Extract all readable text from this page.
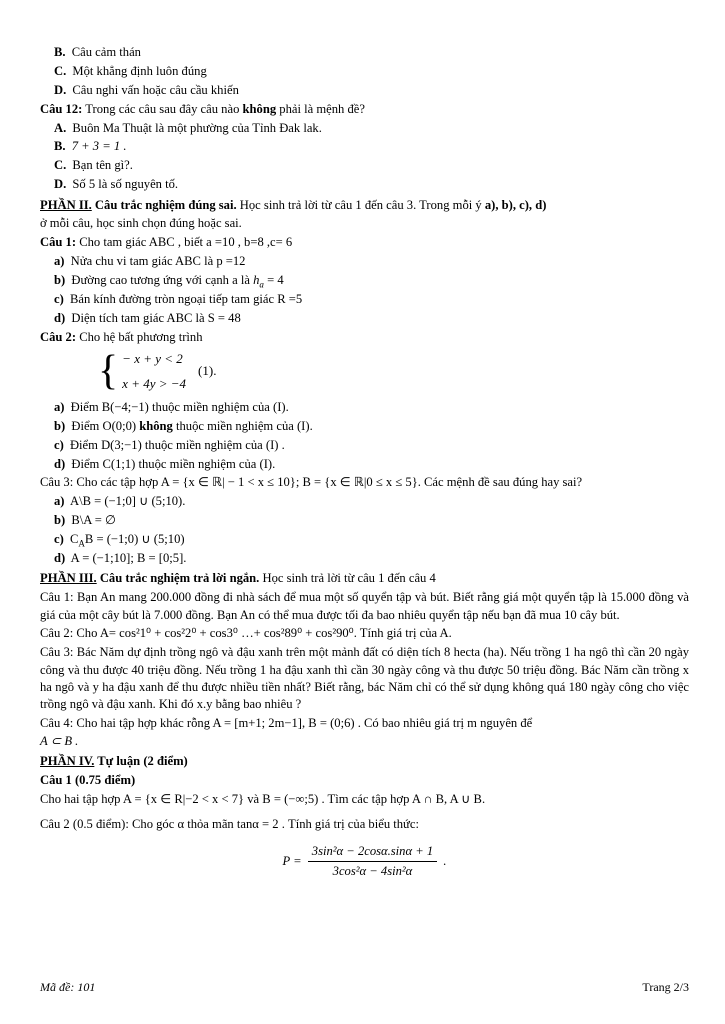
B. Câu cảm thán
C. Một khẳng định luôn đúng
D. Câu nghi vấn hoặc câu cầu khiến
Câu 12: Trong các câu sau đây câu nào không phải là mệnh đề?
A. Buôn Ma Thuật là một phường của Tỉnh Đak lak.
B. 7 + 3 = 1 .
C. Bạn tên gì?.
D. Số 5 là số nguyên tố.
PHẦN II. Câu trắc nghiệm đúng sai. Học sinh trả lời từ câu 1 đến câu 3. Trong mỗi ý a), b), c), d)
ở mỗi câu, học sinh chọn đúng hoặc sai.
Câu 1: Cho tam giác ABC , biết a =10 , b=8 ,c= 6
a) Nửa chu vi tam giác ABC là p =12
b) Đường cao tương ứng với cạnh a là $h_a = 4$
c) Bán kính đường tròn ngoại tiếp tam giác R =5
d) Diện tích tam giác ABC là S = 48
Câu 2: Cho hệ bất phương trình
{ − x + y < 2
x + 4y > −4
(1).
a) Điểm B(−4;−1) thuộc miền nghiệm của (I).
b) Điểm O(0;0) không thuộc miền nghiệm của (I).
c) Điểm D(3;−1) thuộc miền nghiệm của (I) .
d) Điểm C(1;1) thuộc miền nghiệm của (I).
Câu 3: Cho các tập hợp A = {x ∈ ℝ| − 1 < x ≤ 10}; B = {x ∈ ℝ|0 ≤ x ≤ 5}. Các mệnh đề sau đúng hay sai?
a) A\B = (−1;0] ∪ (5;10).
b) B\A = ∅
c) $C_AB$ = (−1;0) ∪ (5;10)
d) A = (−1;10]; B = [0;5].
PHẦN III. Câu trắc nghiệm trả lời ngắn. Học sinh trả lời từ câu 1 đến câu 4
Câu 1: Bạn An mang 200.000 đồng đi nhà sách để mua một số quyển tập và bút. Biết rằng giá một quyển tập là 15.000 đồng và giá của một cây bút là 7.000 đồng. Bạn An có thể mua được tối đa bao nhiêu quyển tập nếu bạn đã mua 10 cây bút.
Câu 2: Cho A= cos²1⁰ + cos²2⁰ + cos3⁰ …+ cos²89⁰ + cos²90⁰. Tính giá trị của A.
Câu 3: Bác Năm dự định trồng ngô và đậu xanh trên một mảnh đất có diện tích 8 hecta (ha). Nếu trồng 1 ha ngô thì cần 20 ngày công và thu được 40 triệu đồng. Nếu trồng 1 ha đậu xanh thì cần 30 ngày công và thu được 50 triệu đồng. Bác Năm cần trồng x ha ngô và y ha đậu xanh để thu được nhiều tiền nhất? Biết rằng, bác Năm chỉ có thể sử dụng không quá 180 ngày công cho việc trồng ngô và đậu xanh. Khi đó x.y bằng bao nhiêu ?
Câu 4: Cho hai tập hợp khác rỗng A = [m+1; 2m−1], B = (0;6) . Có bao nhiêu giá trị m nguyên để
A ⊂ B .
PHẦN IV. Tự luận (2 điểm)
Câu 1 (0.75 điểm)
Cho hai tập hợp A = {x ∈ R|−2 < x < 7} và B = (−∞;5) . Tìm các tập hợp A ∩ B, A ∪ B.
Câu 2 (0.5 điểm): Cho góc α thỏa mãn tanα = 2 . Tính giá trị của biểu thức:
$P = \frac{\text{3sin²α − 2cosα.sinα + 1}}{\text{3cos²α − 4sin²α}}$ .
Mã đề: 101	Trang 2/3
